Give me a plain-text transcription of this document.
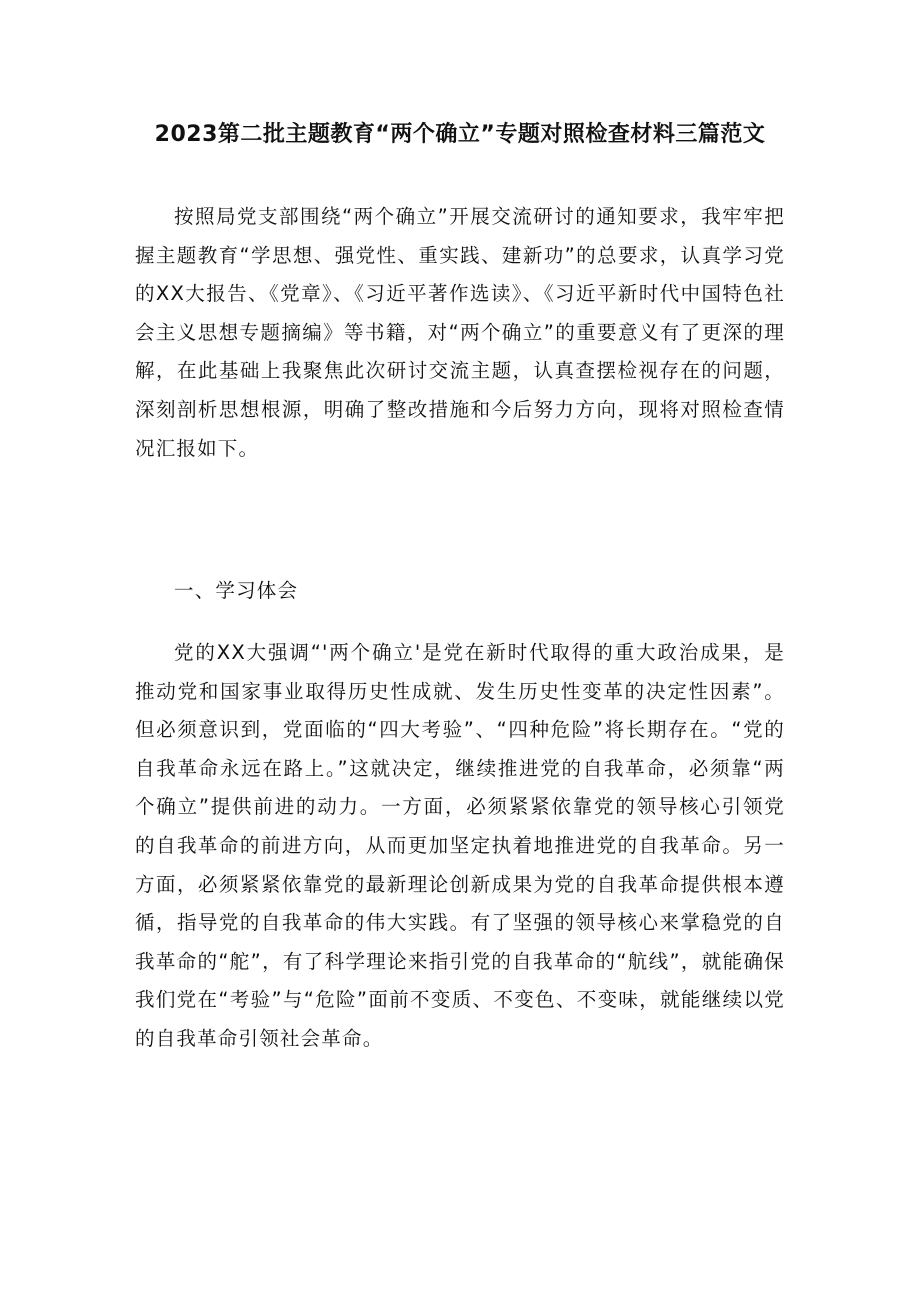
2023第二批主题教育“两个确立”专题对照检查材料三篇范文

按照局党支部围绕“两个确立”开展交流研讨的通知要求，我牢牢把握主题教育“学思想、强党性、重实践、建新功”的总要求，认真学习党的XX大报告、《党章》、《习近平著作选读》、《习近平新时代中国特色社会主义思想专题摘编》等书籍，对“两个确立”的重要意义有了更深的理解，在此基础上我聚焦此次研讨交流主题，认真查摆检视存在的问题，深刻剖析思想根源，明确了整改措施和今后努力方向，现将对照检查情况汇报如下。

一、学习体会

党的XX大强调“'两个确立'是党在新时代取得的重大政治成果，是推动党和国家事业取得历史性成就、发生历史性变革的决定性因素”。但必须意识到，党面临的“四大考验”、“四种危险”将长期存在。“党的自我革命永远在路上。”这就决定，继续推进党的自我革命，必须靠“两个确立”提供前进的动力。一方面，必须紧紧依靠党的领导核心引领党的自我革命的前进方向，从而更加坚定执着地推进党的自我革命。另一方面，必须紧紧依靠党的最新理论创新成果为党的自我革命提供根本遵循，指导党的自我革命的伟大实践。有了坚强的领导核心来掌稳党的自我革命的“舵”，有了科学理论来指引党的自我革命的“航线”，就能确保我们党在“考验”与“危险”面前不变质、不变色、不变味，就能继续以党的自我革命引领社会革命。
